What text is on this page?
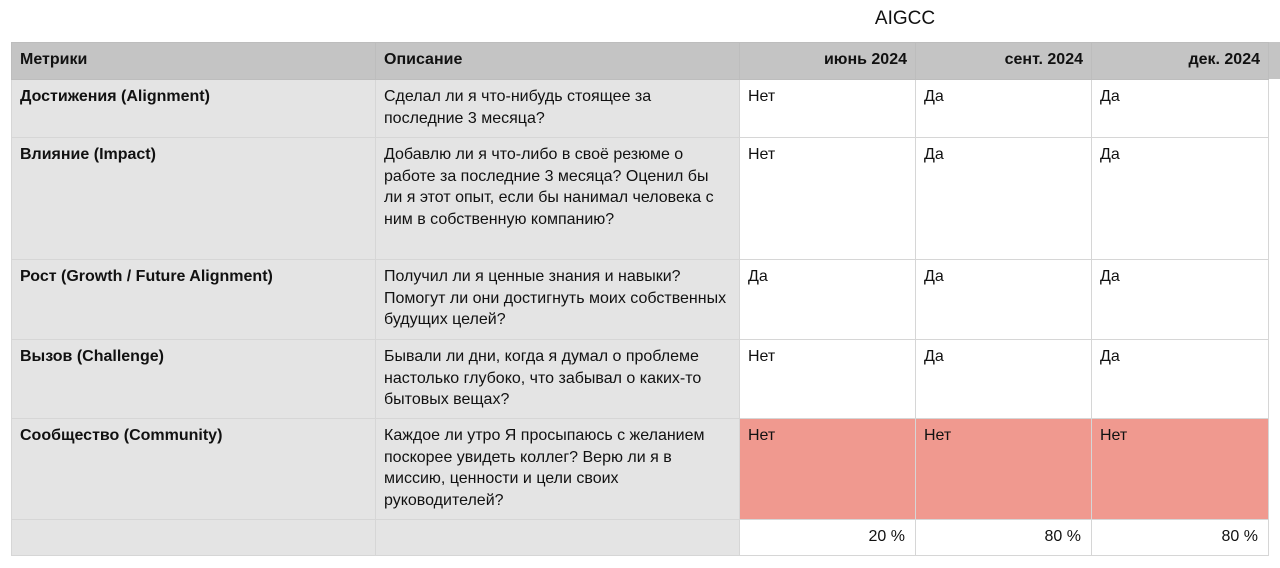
AIGCC
Метрики	Описание	июнь 2024	сент. 2024	дек. 2024
Достижения (Alignment)	Сделал ли я что-нибудь стоящее за последние 3 месяца?	Нет	Да	Да
Влияние (Impact)	Добавлю ли я что-либо в своё резюме о работе за последние 3 месяца? Оценил бы ли я этот опыт, если бы нанимал человека с ним в собственную компанию?	Нет	Да	Да
Рост (Growth / Future Alignment)	Получил ли я ценные знания и навыки? Помогут ли они достигнуть моих собственных будущих целей?	Да	Да	Да
Вызов (Challenge)	Бывали ли дни, когда я думал о проблеме настолько глубоко, что забывал о каких-то бытовых вещах?	Нет	Да	Да
Сообщество (Community)	Каждое ли утро Я просыпаюсь с желанием поскорее увидеть коллег? Верю ли я в миссию, ценности и цели своих руководителей?	Нет	Нет	Нет
		20 %	80 %	80 %
